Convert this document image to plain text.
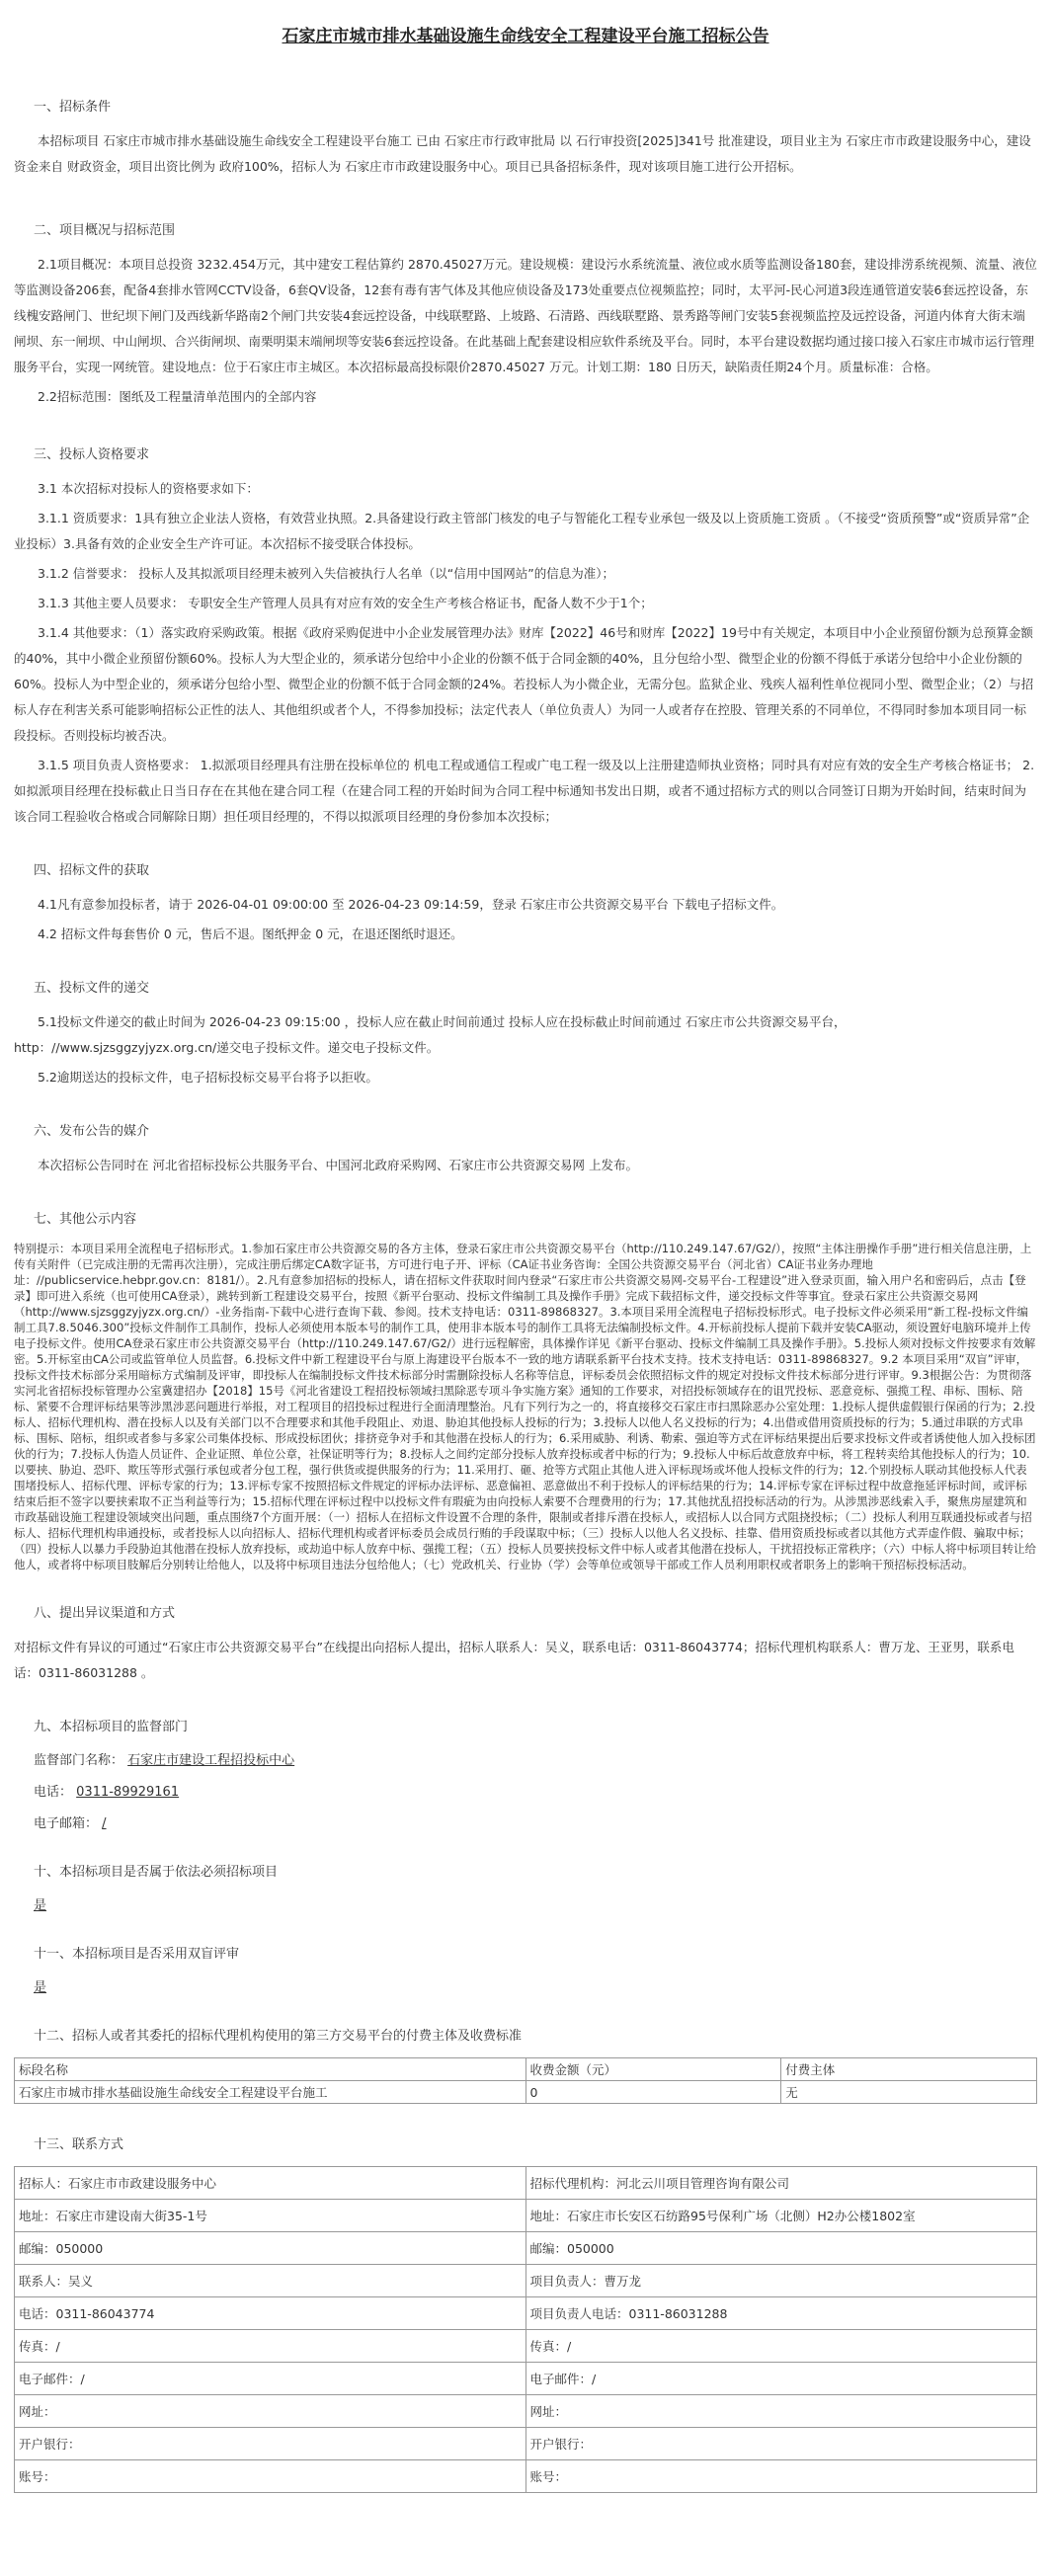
石家庄市城市排水基础设施生命线安全工程建设平台施工招标公告
一、招标条件

本招标项目 石家庄市城市排水基础设施生命线安全工程建设平台施工 已由 石家庄市行政审批局 以 石行审投资[2025]341号 批准建设，项目业主为 石家庄市市政建设服务中心，建设资金来自 财政资金，项目出资比例为 政府100%，招标人为 石家庄市市政建设服务中心。项目已具备招标条件，现对该项目施工进行公开招标。

二、项目概况与招标范围

2.1项目概况：本项目总投资 3232.454万元，其中建安工程估算约 2870.45027万元。建设规模：建设污水系统流量、液位或水质等监测设备180套，建设排涝系统视频、流量、液位等监测设备206套，配备4套排水管网CCTV设备，6套QV设备，12套有毒有害气体及其他应侦设备及173处重要点位视频监控；同时，太平河-民心河道3段连通管道安装6套远控设备，东线槐安路闸门、世纪坝下闸门及西线新华路南2个闸门共安装4套远控设备，中线联墅路、上坡路、石清路、西线联墅路、景秀路等闸门安装5套视频监控及远控设备，河道内体育大街末端闸坝、东一闸坝、中山闸坝、合兴街闸坝、南栗明渠末端闸坝等安装6套远控设备。在此基础上配套建设相应软件系统及平台。同时，本平台建设数据均通过接口接入石家庄市城市运行管理服务平台，实现一网统管。建设地点：位于石家庄市主城区。本次招标最高投标限价2870.45027 万元。计划工期：180 日历天，缺陷责任期24个月。质量标准：合格。

2.2招标范围：图纸及工程量清单范围内的全部内容

三、投标人资格要求

3.1 本次招标对投标人的资格要求如下：

3.1.1 资质要求：1具有独立企业法人资格，有效营业执照。2.具备建设行政主管部门核发的电子与智能化工程专业承包一级及以上资质施工资质 。（不接受“资质预警”或“资质异常”企业投标）3.具备有效的企业安全生产许可证。本次招标不接受联合体投标。

3.1.2 信誉要求： 投标人及其拟派项目经理未被列入失信被执行人名单（以“信用中国网站”的信息为准）；

3.1.3 其他主要人员要求： 专职安全生产管理人员具有对应有效的安全生产考核合格证书，配备人数不少于1个；

3.1.4 其他要求：（1）落实政府采购政策。根据《政府采购促进中小企业发展管理办法》财库【2022】46号和财库【2022】19号中有关规定，本项目中小企业预留份额为总预算金额的40%，其中小微企业预留份额60%。投标人为大型企业的，须承诺分包给中小企业的份额不低于合同金额的40%，且分包给小型、微型企业的份额不得低于承诺分包给中小企业份额的60%。投标人为中型企业的，须承诺分包给小型、微型企业的份额不低于合同金额的24%。若投标人为小微企业，无需分包。监狱企业、残疾人福利性单位视同小型、微型企业；（2）与招标人存在利害关系可能影响招标公正性的法人、其他组织或者个人，不得参加投标；法定代表人（单位负责人）为同一人或者存在控股、管理关系的不同单位，不得同时参加本项目同一标段投标。否则投标均被否决。

3.1.5 项目负责人资格要求： 1.拟派项目经理具有注册在投标单位的 机电工程或通信工程或广电工程一级及以上注册建造师执业资格；同时具有对应有效的安全生产考核合格证书； 2.如拟派项目经理在投标截止日当日存在在其他在建合同工程（在建合同工程的开始时间为合同工程中标通知书发出日期，或者不通过招标方式的则以合同签订日期为开始时间，结束时间为该合同工程验收合格或合同解除日期）担任项目经理的，不得以拟派项目经理的身份参加本次投标；

四、招标文件的获取

4.1凡有意参加投标者，请于 2026-04-01 09:00:00 至 2026-04-23 09:14:59，登录 石家庄市公共资源交易平台 下载电子招标文件。

4.2 招标文件每套售价 0 元，售后不退。图纸押金 0 元，在退还图纸时退还。

五、投标文件的递交

5.1投标文件递交的截止时间为 2026-04-23 09:15:00 ，投标人应在截止时间前通过 投标人应在投标截止时间前通过 石家庄市公共资源交易平台，http：//www.sjzsggzyjyzx.org.cn/递交电子投标文件。递交电子投标文件。

5.2逾期送达的投标文件，电子招标投标交易平台将予以拒收。

六、发布公告的媒介

本次招标公告同时在 河北省招标投标公共服务平台、中国河北政府采购网、石家庄市公共资源交易网 上发布。

七、其他公示内容

特别提示：本项目采用全流程电子招标形式。1.参加石家庄市公共资源交易的各方主体，登录石家庄市公共资源交易平台（http://110.249.147.67/G2/），按照“主体注册操作手册”进行相关信息注册，上传有关附件（已完成注册的无需再次注册），完成注册后绑定CA数字证书，方可进行电子开、评标（CA证书业务咨询：全国公共资源交易平台（河北省）CA证书业务办理地址：//publicservice.hebpr.gov.cn：8181/）。2.凡有意参加招标的投标人，请在招标文件获取时间内登录“石家庄市公共资源交易网-交易平台-工程建设”进入登录页面，输入用户名和密码后，点击【登录】即可进入系统（也可使用CA登录），跳转到新工程建设交易平台，按照《新平台驱动、投标文件编制工具及操作手册》完成下载招标文件，递交投标文件等事宜。登录石家庄公共资源交易网（http://www.sjzsggzyjyzx.org.cn/）-业务指南-下载中心进行查询下载、参阅。技术支持电话：0311-89868327。3.本项目采用全流程电子招标投标形式。电子投标文件必须采用“新工程-投标文件编制工具7.8.5046.300”投标文件制作工具制作，投标人必须使用本版本号的制作工具，使用非本版本号的制作工具将无法编制投标文件。4.开标前投标人提前下载并安装CA驱动，须设置好电脑环境并上传电子投标文件。使用CA登录石家庄市公共资源交易平台（http://110.249.147.67/G2/）进行远程解密，具体操作详见《新平台驱动、投标文件编制工具及操作手册》。5.投标人须对投标文件按要求有效解密。5.开标室由CA公司或监管单位人员监督。6.投标文件中新工程建设平台与原上海建设平台版本不一致的地方请联系新平台技术支持。技术支持电话：0311-89868327。9.2 本项目采用“双盲”评审，投标文件技术标部分采用暗标方式编制及评审，即投标人在编制投标文件技术标部分时需删除投标人名称等信息，评标委员会依照招标文件的规定对投标文件技术标部分进行评审。9.3根据公告：为贯彻落实河北省招标投标管理办公室冀建招办【2018】15号《河北省建设工程招投标领域扫黑除恶专项斗争实施方案》通知的工作要求，对招投标领域存在的诅咒投标、恶意竞标、强揽工程、串标、围标、陪标、紧要不合理评标结果等涉黑涉恶问题进行举报，对工程项目的招投标过程进行全面清理整治。凡有下列行为之一的，将直接移交石家庄市扫黑除恶办公室处理：1.投标人提供虚假银行保函的行为；2.投标人、招标代理机构、潜在投标人以及有关部门以不合理要求和其他手段阻止、劝退、胁迫其他投标人投标的行为；3.投标人以他人名义投标的行为；4.出借或借用资质投标的行为；5.通过串联的方式串标、围标、陪标，组织或者参与多家公司集体投标、形成投标团伙；排挤竞争对手和其他潜在投标人的行为；6.采用威胁、利诱、勒索、强迫等方式在评标结果提出后要求投标文件或者诱使他人加入投标团伙的行为；7.投标人伪造人员证件、企业证照、单位公章，社保证明等行为；8.投标人之间约定部分投标人放弃投标或者中标的行为；9.投标人中标后故意放弃中标，将工程转卖给其他投标人的行为；10.以要挟、胁迫、恐吓、欺压等形式强行承包或者分包工程，强行供货或提供服务的行为；11.采用打、砸、抢等方式阻止其他人进入评标现场或坏他人投标文件的行为；12.个别投标人联动其他投标人代表围堵投标人、招标代理、评标专家的行为；13.评标专家不按照招标文件规定的评标办法评标、恶意偏袒、恶意做出不利于投标人的评标结果的行为；14.评标专家在评标过程中故意拖延评标时间，或评标结束后拒不签字以要挟索取不正当利益等行为；15.招标代理在评标过程中以投标文件有瑕疵为由向投标人索要不合理费用的行为；17.其他扰乱招投标活动的行为。从涉黑涉恶线索入手，聚焦房屋建筑和市政基础设施工程建设领域突出问题，重点围绕7个方面开展：（一）招标人在招标文件设置不合理的条件，限制或者排斥潜在投标人，或招标人以合同方式阻挠投标；（二）投标人利用互联通投标或者与招标人、招标代理机构串通投标，或者投标人以向招标人、招标代理机构或者评标委员会成员行贿的手段谋取中标；（三）投标人以他人名义投标、挂靠、借用资质投标或者以其他方式弄虚作假、骗取中标；（四）投标人以暴力手段胁迫其他潜在投标人放弃投标，或劫追中标人放弃中标、强揽工程；（五）投标人员要挟投标文件中标人或者其他潜在投标人，干扰招投标正常秩序；（六）中标人将中标项目转让给他人，或者将中标项目肢解后分别转让给他人，以及将中标项目违法分包给他人；（七）党政机关、行业协（学）会等单位或领导干部或工作人员利用职权或者职务上的影响干预招标投标活动。

八、提出异议渠道和方式

对招标文件有异议的可通过“石家庄市公共资源交易平台”在线提出向招标人提出，招标人联系人：吴义，联系电话：0311-86043774；招标代理机构联系人：曹万龙、王亚男，联系电话：0311-86031288 。

九、本招标项目的监督部门
监督部门名称： 石家庄市建设工程招投标中心
电话： 0311-89929161
电子邮箱： /
十、本招标项目是否属于依法必须招标项目
是
十一、本招标项目是否采用双盲评审
是
十二、招标人或者其委托的招标代理机构使用的第三方交易平台的付费主体及收费标准
标段名称	收费金额（元）	付费主体
石家庄市城市排水基础设施生命线安全工程建设平台施工	0	无
十三、联系方式
招标人：石家庄市市政建设服务中心	招标代理机构：河北云川项目管理咨询有限公司
地址：石家庄市建设南大街35-1号	地址：石家庄市长安区石纺路95号保利广场（北侧）H2办公楼1802室
邮编：050000	邮编：050000
联系人：吴义	项目负责人：曹万龙
电话：0311-86043774	项目负责人电话：0311-86031288
传真：/	传真：/
电子邮件：/	电子邮件：/
网址：	网址：
开户银行：	开户银行：
账号：	账号：
